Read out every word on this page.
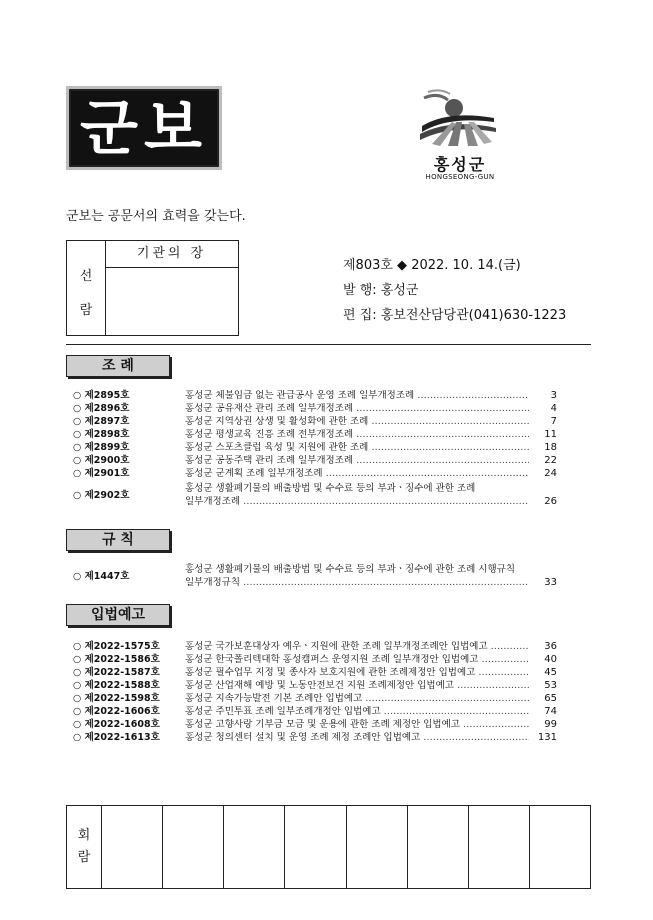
군보
홍성군
HONGSEONG-GUN
군보는 공문서의 효력을 갖는다.
선
람
기관의 장
제803호 ◆ 2022. 10. 14.(금)
발 행: 홍성군
편 집: 홍보전산담당관(041)630-1223
조 례
○ 제2895호	홍성군 체불임금 없는 관급공사 운영 조례 일부개정조례 ………………………………………………………………………………………………………………………………	3
○ 제2896호	홍성군 공유재산 관리 조례 일부개정조례 ………………………………………………………………………………………………………………………………	4
○ 제2897호	홍성군 지역상권 상생 및 활성화에 관한 조례 ………………………………………………………………………………………………………………………………	7
○ 제2898호	홍성군 평생교육 진흥 조례 전부개정조례 ………………………………………………………………………………………………………………………………	11
○ 제2899호	홍성군 스포츠클럽 육성 및 지원에 관한 조례 ………………………………………………………………………………………………………………………………	18
○ 제2900호	홍성군 공동주택 관리 조례 일부개정조례 ………………………………………………………………………………………………………………………………	22
○ 제2901호	홍성군 군계획 조례 일부개정조례 ………………………………………………………………………………………………………………………………	24
○ 제2902호
홍성군 생활폐기물의 배출방법 및 수수료 등의 부과ㆍ징수에 관한 조례
일부개정조례 ………………………………………………………………………………………………………………………………	26
규 칙
○ 제1447호
홍성군 생활폐기물의 배출방법 및 수수료 등의 부과ㆍ징수에 관한 조례 시행규칙
일부개정규칙 ………………………………………………………………………………………………………………………………	33
입법예고
○ 제2022-1575호	홍성군 국가보훈대상자 예우ㆍ지원에 관한 조례 일부개정조례안 입법예고 ………………………………………………………………………………………………………………………………	36
○ 제2022-1586호	홍성군 한국폴리텍대학 홍성캠퍼스 운영지원 조례 일부개정안 입법예고 ………………………………………………………………………………………………………………………………	40
○ 제2022-1587호	홍성군 필수업무 지정 및 종사자 보호지원에 관한 조례제정안 입법예고 ………………………………………………………………………………………………………………………………	45
○ 제2022-1588호	홍성군 산업재해 예방 및 노동안전보건 지원 조례제정안 입법예고 ………………………………………………………………………………………………………………………………	53
○ 제2022-1598호	홍성군 지속가능발전 기본 조례안 입법예고 ………………………………………………………………………………………………………………………………	65
○ 제2022-1606호	홍성군 주민투표 조례 일부조례개정안 입법예고 ………………………………………………………………………………………………………………………………	74
○ 제2022-1608호	홍성군 고향사랑 기부금 모금 및 운용에 관한 조례 제정안 입법예고 ………………………………………………………………………………………………………………………………	99
○ 제2022-1613호	홍성군 청의센터 설치 및 운영 조례 제정 조례안 입법예고 ………………………………………………………………………………………………………………………………	131
회
람
